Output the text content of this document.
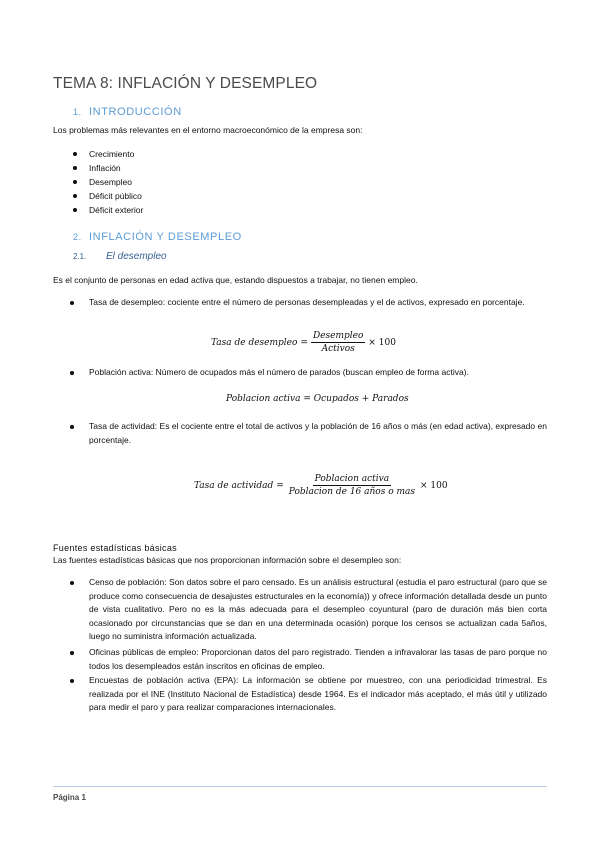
TEMA 8: INFLACIÓN Y DESEMPLEO
1. INTRODUCCIÓN
Los problemas más relevantes en el entorno macroeconómico de la empresa son:
Crecimiento
Inflación
Desempleo
Déficit público
Déficit exterior
2. INFLACIÓN Y DESEMPLEO
2.1. El desempleo
Es el conjunto de personas en edad activa que, estando dispuestos a trabajar, no tienen empleo.
Tasa de desempleo: cociente entre el número de personas desempleadas y el de activos, expresado en porcentaje.
Tasa de desempleo = $\frac{\text{Desempleo}}{\text{Activos}} \times 100$
Población activa: Número de ocupados más el número de parados (buscan empleo de forma activa).
Poblacion activa = Ocupados + Parados
Tasa de actividad: Es el cociente entre el total de activos y la población de 16 años o más (en edad activa), expresado en porcentaje.
Tasa de actividad = $\frac{\text{Poblacion activa}}{\text{Poblacion de 16 años o mas}} \times 100$
Fuentes estadísticas básicas
Las fuentes estadísticas básicas que nos proporcionan información sobre el desempleo son:
Censo de población: Son datos sobre el paro censado. Es un análisis estructural (estudia el paro estructural (paro que se produce como consecuencia de desajustes estructurales en la economía)) y ofrece información detallada desde un punto de vista cualitativo. Pero no es la más adecuada para el desempleo coyuntural (paro de duración más bien corta ocasionado por circunstancias que se dan en una determinada ocasión) porque los censos se actualizan cada 5años, luego no suministra información actualizada.
Oficinas públicas de empleo: Proporcionan datos del paro registrado. Tienden a infravalorar las tasas de paro porque no todos los desempleados están inscritos en oficinas de empleo.
Encuestas de población activa (EPA): La información se obtiene por muestreo, con una periodicidad trimestral. Es realizada por el INE (Instituto Nacional de Estadística) desde 1964. Es el indicador más aceptado, el más útil y utilizado para medir el paro y para realizar comparaciones internacionales.
Página 1
